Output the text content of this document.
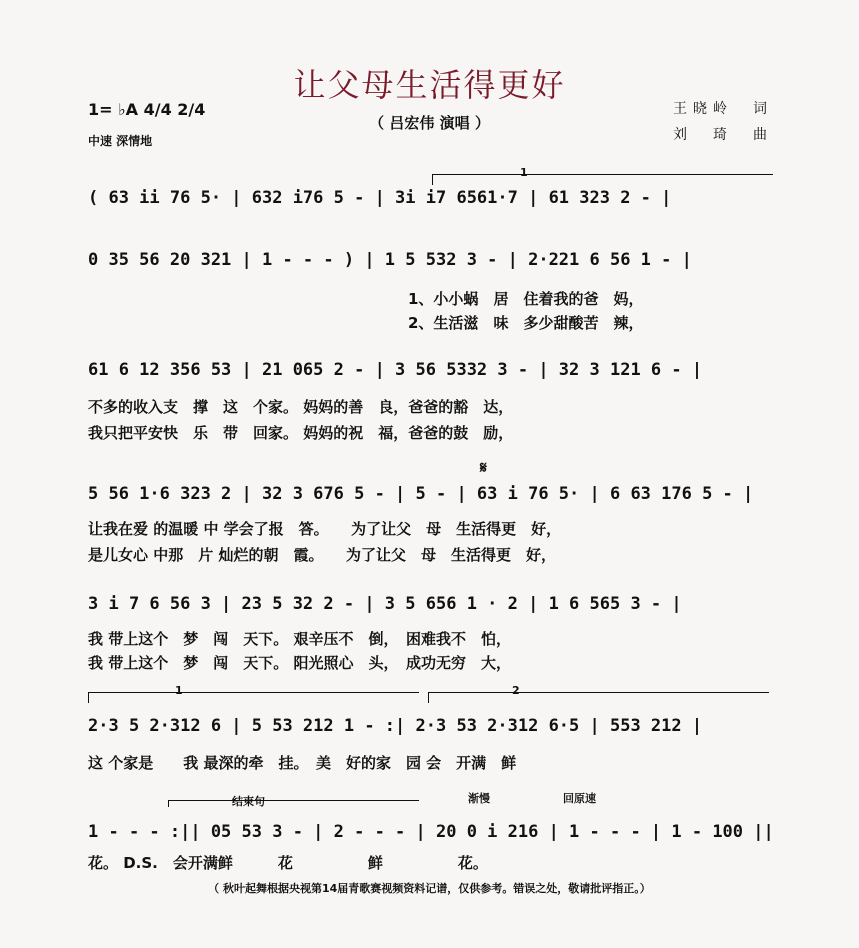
让父母生活得更好
（ 吕宏伟 演唱 ）
1= ♭A 4/4 2/4
中速 深情地
王晓岭　词
刘　琦　曲
1
𝄋
1	2
结束句	渐慢	回原速
( 63 ii 76 5· | 632 i76 5 - | 3i i7 6561·7 | 61 323 2 - |
0 35 56 20 321 | 1 - - - ) | 1 5 532 3 - | 2·221 6 56 1 - |
1、小小蜗　居　住着我的爸　妈，
2、生活滋　味　多少甜酸苦　辣，
61 6 12 356 53 | 21 065 2 - | 3 56 5332 3 - | 32 3 121 6 - |
不多的收入支　撑　这　个家。 妈妈的善　良，爸爸的豁　达，
我只把平安快　乐　带　回家。 妈妈的祝　福，爸爸的鼓　励，
5 56 1·6 323 2 | 32 3 676 5 - | 5 - | 63 i 76 5· | 6 63 176 5 - |
让我在爱 的温暖 中 学会了报　答。　　为了让父　母　生活得更　好，
是儿女心 中那　片 灿烂的朝　霞。　　为了让父　母　生活得更　好，
3 i 7 6 56 3 | 23 5 32 2 - | 3 5 656 1 · 2 | 1 6 565 3 - |
我 带上这个　梦　闯　天下。 艰辛压不　倒，　困难我不　怕，
我 带上这个　梦　闯　天下。 阳光照心　头，　成功无穷　大，
2·3 5 2·312 6 | 5 53 212 1 - :| 2·3 53 2·312 6·5 | 553 212 |
这 个家是　　我 最深的牵　挂。　美　好的家　园 会　开满　鲜
1 - - - :|| 05 53 3 - | 2 - - - | 20 0 i 216 | 1 - - - | 1 - 100 ||
花。 D.S.　会开满鲜　　　花　　　　　鲜　　　　　花。
（ 秋叶起舞根据央视第14届青歌赛视频资料记谱，仅供参考。错误之处，敬请批评指正。）
